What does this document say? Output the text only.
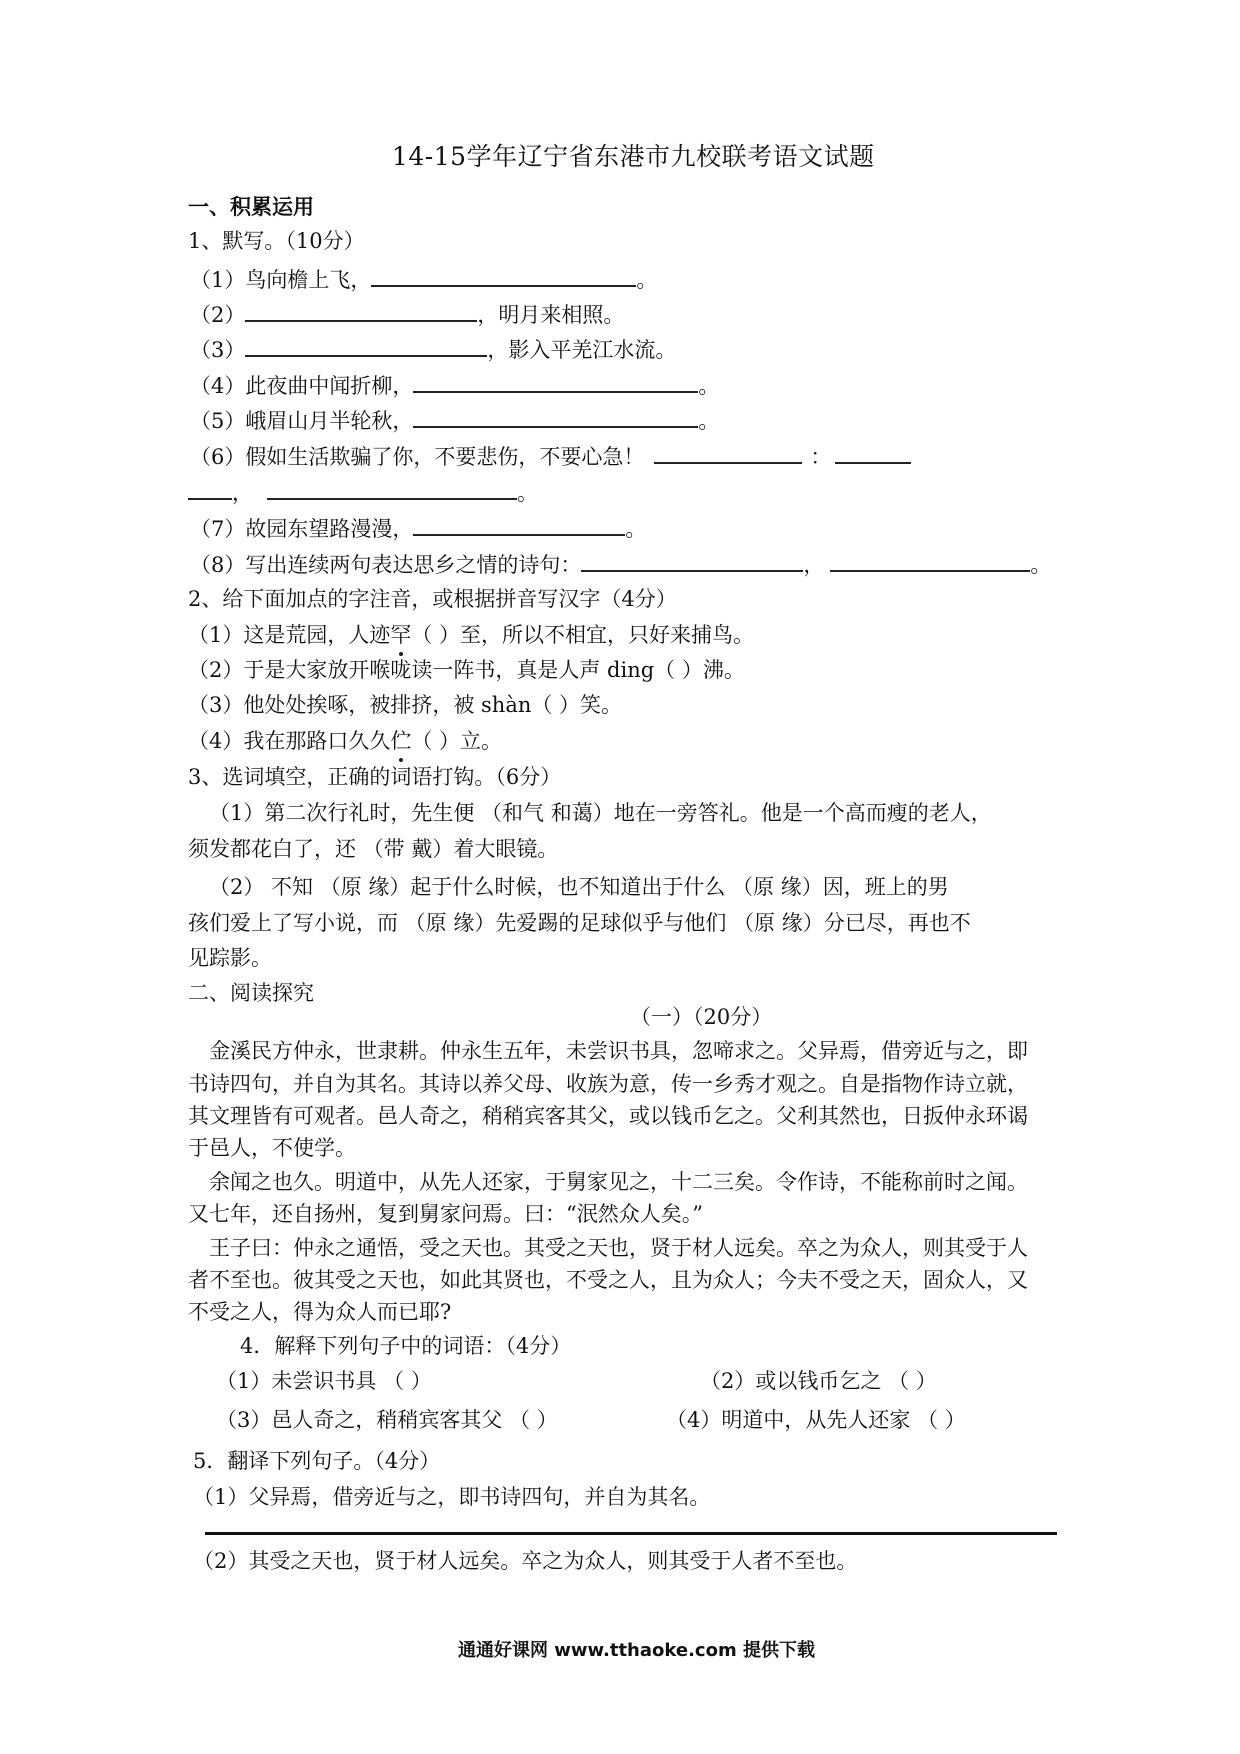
14-15学年辽宁省东港市九校联考语文试题
一、积累运用
1、默写。（10分）
（1）鸟向檐上飞，	。
（2）	，明月来相照。
（3）	，影入平羌江水流。
（4）此夜曲中闻折柳，	。
（5）峨眉山月半轮秋，	。
（6）假如生活欺骗了你，不要悲伤，不要心急！	：
，	。
（7）故园东望路漫漫，	。
（8）写出连续两句表达思乡之情的诗句：	，	。
2、给下面加点的字注音，或根据拼音写汉字（4分）
（1）这是荒园，人迹罕（ ）至，所以不相宜，只好来捕鸟。
（2）于是大家放开喉咙读一阵书，真是人声 ding（ ）沸。
（3）他处处挨啄，被排挤，被 shàn（ ）笑。
（4）我在那路口久久伫（ ）立。
3、选词填空，正确的词语打钩。（6分）
（1）第二次行礼时，先生便 （和气 和蔼）地在一旁答礼。他是一个高而瘦的老人，
须发都花白了，还 （带 戴）着大眼镜。
（2） 不知 （原 缘）起于什么时候，也不知道出于什么 （原 缘）因，班上的男
孩们爱上了写小说，而 （原 缘）先爱踢的足球似乎与他们 （原 缘）分已尽，再也不
见踪影。
二、阅读探究
（一）（20分）
金溪民方仲永，世隶耕。仲永生五年，未尝识书具，忽啼求之。父异焉，借旁近与之，即
书诗四句，并自为其名。其诗以养父母、收族为意，传一乡秀才观之。自是指物作诗立就，
其文理皆有可观者。邑人奇之，稍稍宾客其父，或以钱币乞之。父利其然也，日扳仲永环谒
于邑人，不使学。
余闻之也久。明道中，从先人还家，于舅家见之，十二三矣。令作诗，不能称前时之闻。
又七年，还自扬州，复到舅家问焉。曰：“泯然众人矣。”
王子曰：仲永之通悟，受之天也。其受之天也，贤于材人远矣。卒之为众人，则其受于人
者不至也。彼其受之天也，如此其贤也，不受之人，且为众人；今夫不受之天，固众人，又
不受之人，得为众人而已耶?
4．解释下列句子中的词语：（4分）
（1）未尝识书具 （ ）	（2）或以钱币乞之 （ ）
（3）邑人奇之，稍稍宾客其父 （ ）	（4）明道中，从先人还家 （ ）
5．翻译下列句子。（4分）
（1）父异焉，借旁近与之，即书诗四句，并自为其名。
（2）其受之天也，贤于材人远矣。卒之为众人，则其受于人者不至也。
通通好课网 www.tthaoke.com 提供下载
